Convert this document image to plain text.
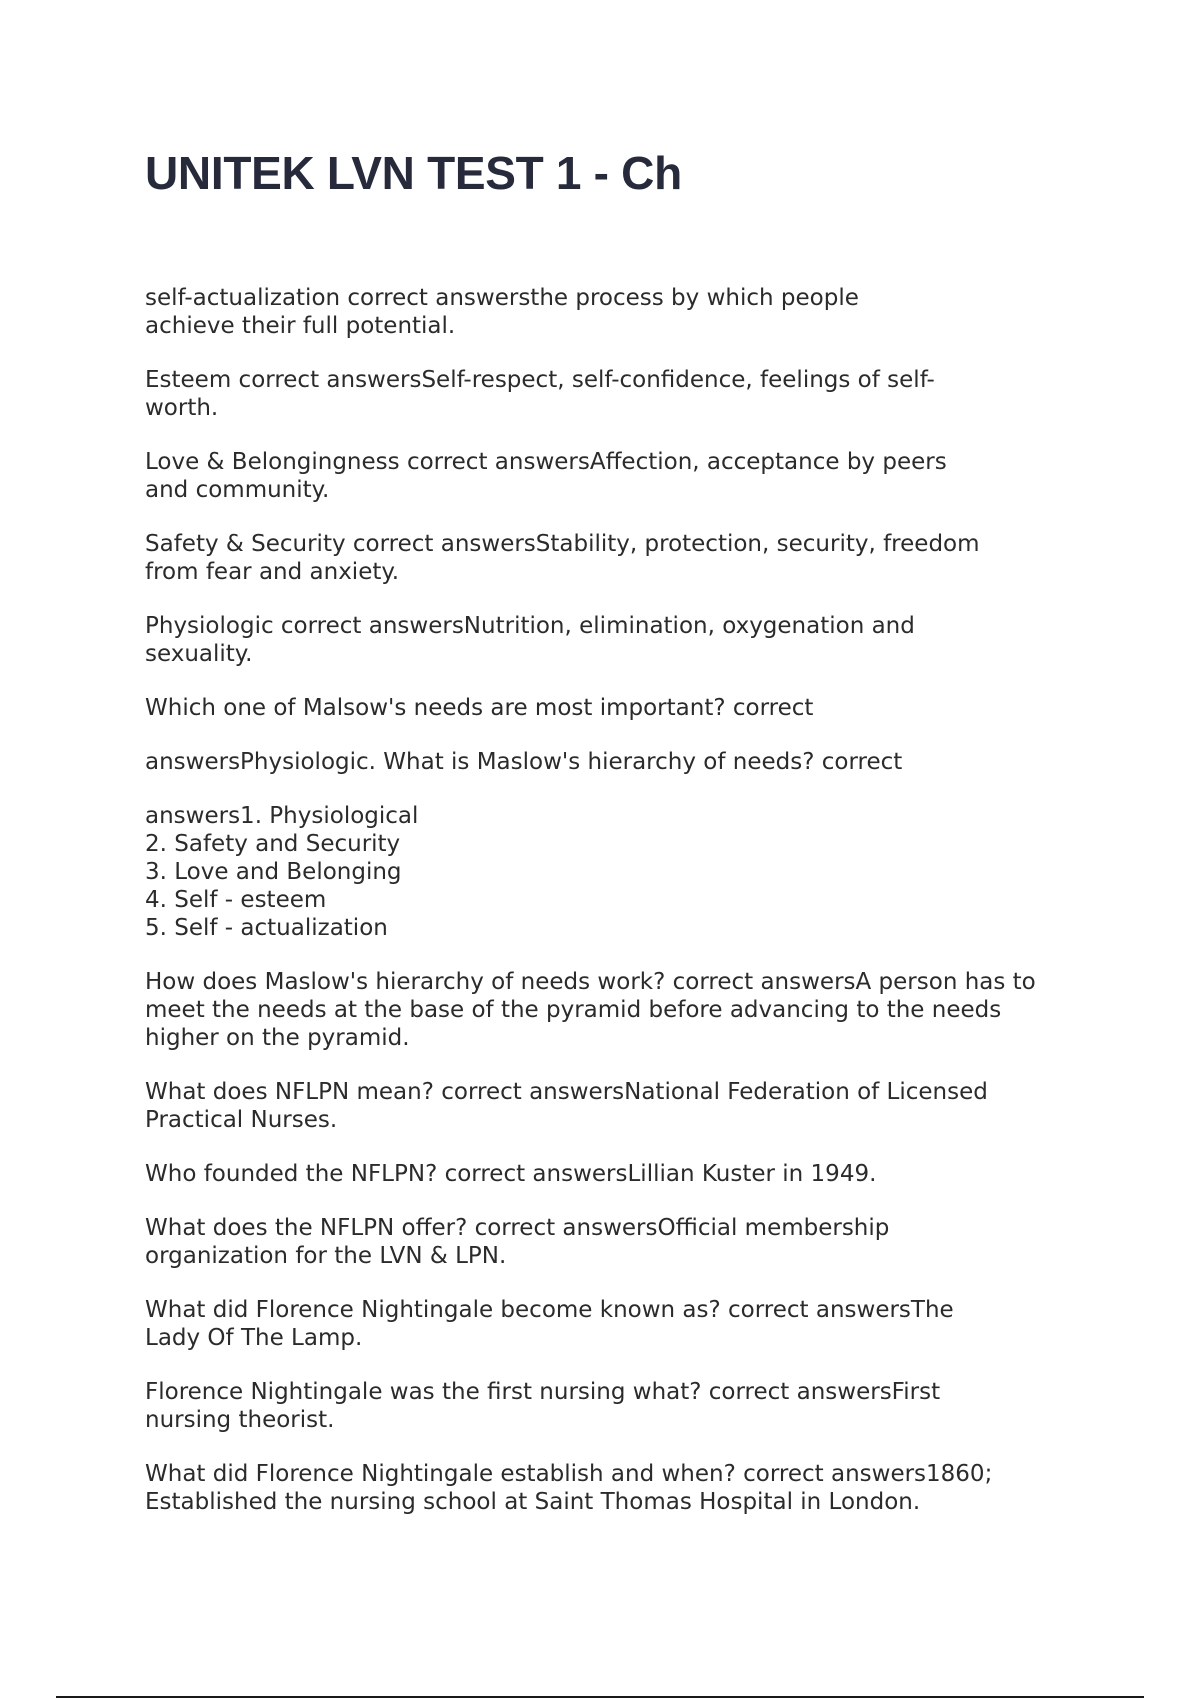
UNITEK LVN TEST 1 - Ch

self-actualization correct answersthe process by which people
achieve their full potential.

Esteem correct answersSelf-respect, self-confidence, feelings of self-
worth.

Love & Belongingness correct answersAffection, acceptance by peers
and community.

Safety & Security correct answersStability, protection, security, freedom
from fear and anxiety.

Physiologic correct answersNutrition, elimination, oxygenation and
sexuality.

Which one of Malsow's needs are most important? correct

answersPhysiologic. What is Maslow's hierarchy of needs? correct

answers1. Physiological
2. Safety and Security
3. Love and Belonging
4. Self - esteem
5. Self - actualization

How does Maslow's hierarchy of needs work? correct answersA person has to
meet the needs at the base of the pyramid before advancing to the needs
higher on the pyramid.

What does NFLPN mean? correct answersNational Federation of Licensed
Practical Nurses.

Who founded the NFLPN? correct answersLillian Kuster in 1949.

What does the NFLPN offer? correct answersOfficial membership
organization for the LVN & LPN.

What did Florence Nightingale become known as? correct answersThe
Lady Of The Lamp.

Florence Nightingale was the first nursing what? correct answersFirst
nursing theorist.

What did Florence Nightingale establish and when? correct answers1860;
Established the nursing school at Saint Thomas Hospital in London.
